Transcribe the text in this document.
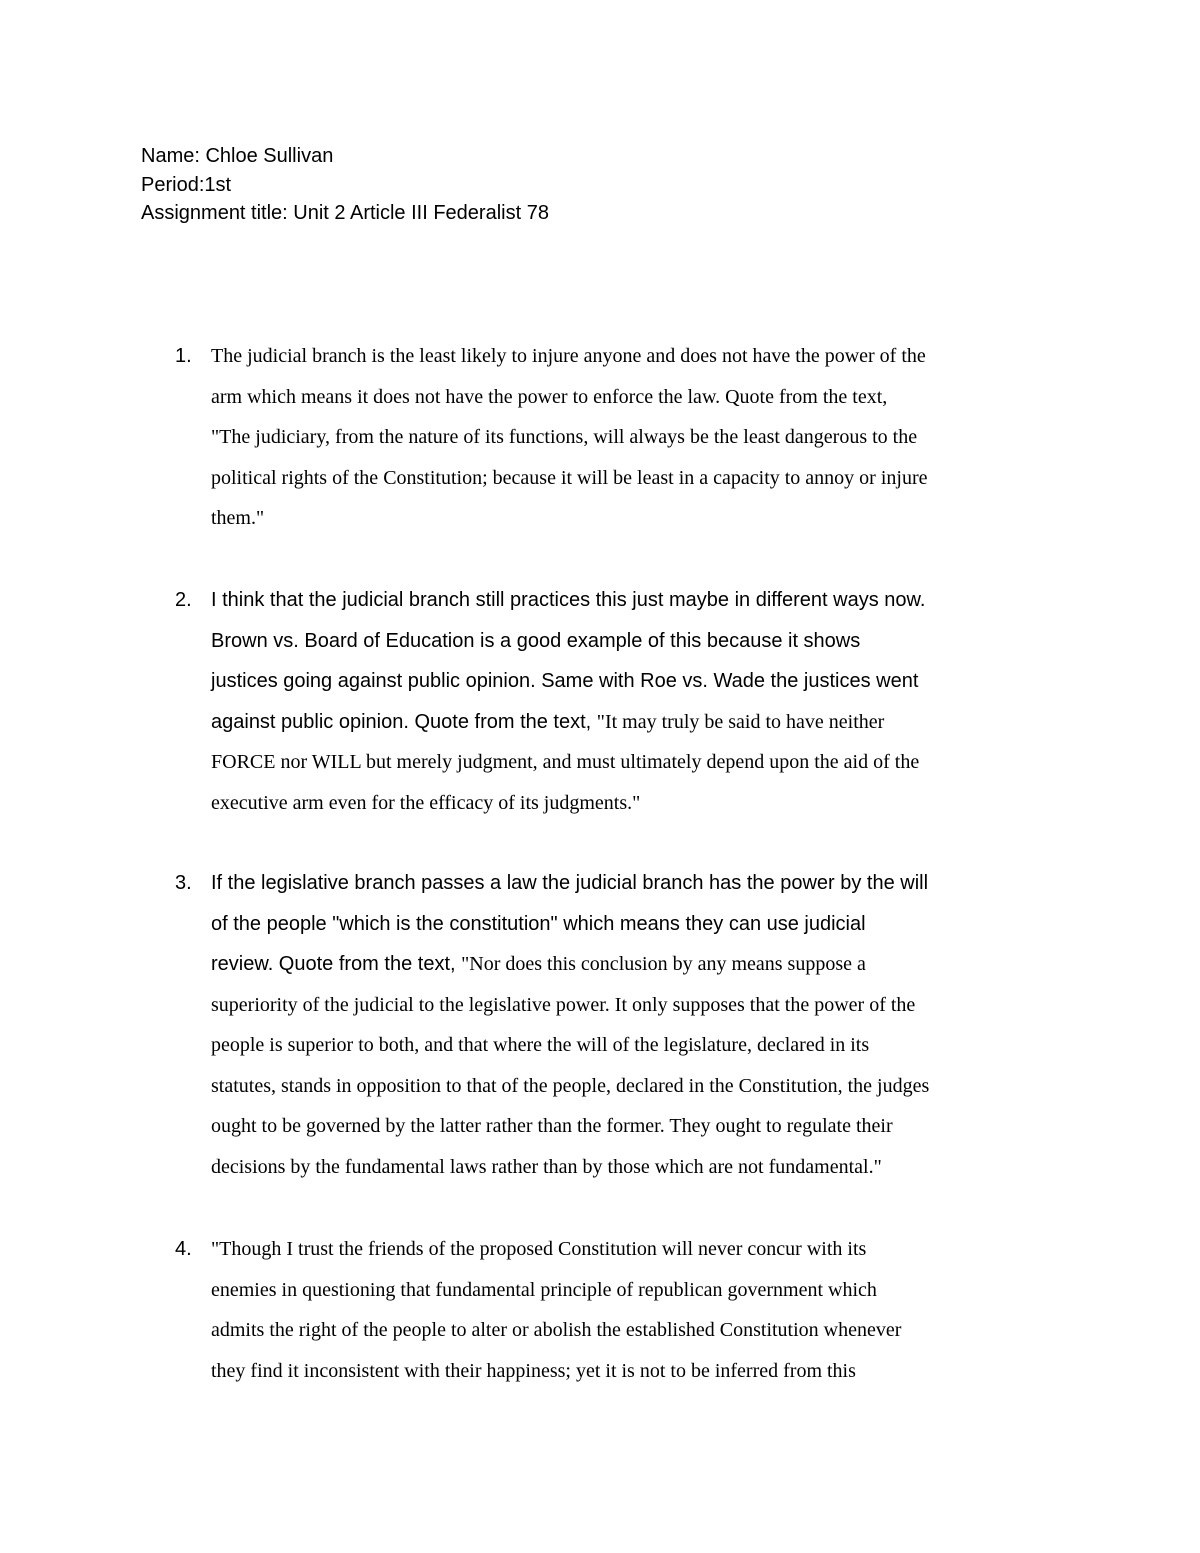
Name: Chloe Sullivan
Period:1st
Assignment title: Unit 2 Article III Federalist 78
1. The judicial branch is the least likely to injure anyone and does not have the power of the
arm which means it does not have the power to enforce the law. Quote from the text,
"The judiciary, from the nature of its functions, will always be the least dangerous to the
political rights of the Constitution; because it will be least in a capacity to annoy or injure
them."
2. I think that the judicial branch still practices this just maybe in different ways now.
Brown vs. Board of Education is a good example of this because it shows
justices going against public opinion. Same with Roe vs. Wade the justices went
against public opinion. Quote from the text, "It may truly be said to have neither
FORCE nor WILL but merely judgment, and must ultimately depend upon the aid of the
executive arm even for the efficacy of its judgments."
3. If the legislative branch passes a law the judicial branch has the power by the will
of the people "which is the constitution" which means they can use judicial
review. Quote from the text, "Nor does this conclusion by any means suppose a
superiority of the judicial to the legislative power. It only supposes that the power of the
people is superior to both, and that where the will of the legislature, declared in its
statutes, stands in opposition to that of the people, declared in the Constitution, the judges
ought to be governed by the latter rather than the former. They ought to regulate their
decisions by the fundamental laws rather than by those which are not fundamental."
4. "Though I trust the friends of the proposed Constitution will never concur with its
enemies in questioning that fundamental principle of republican government which
admits the right of the people to alter or abolish the established Constitution whenever
they find it inconsistent with their happiness; yet it is not to be inferred from this
